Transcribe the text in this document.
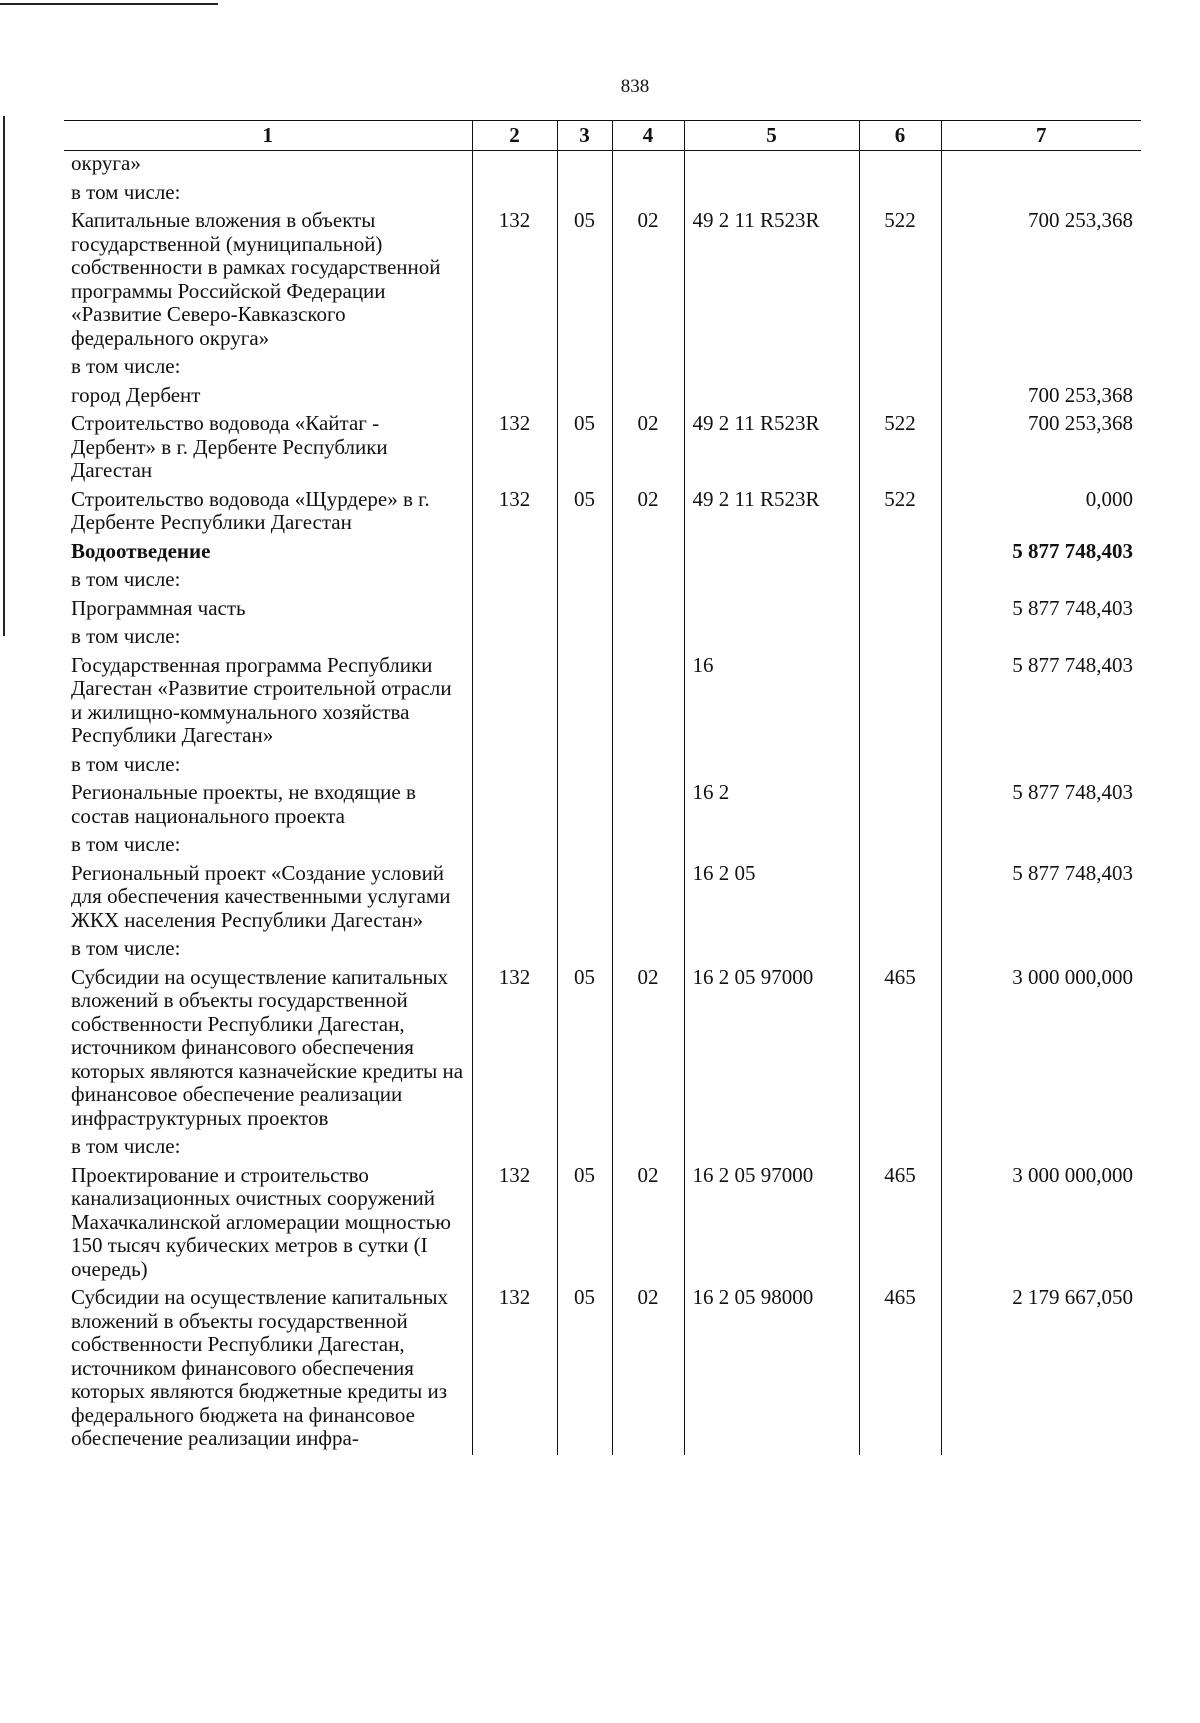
838
1	2	3	4	5	6	7
округа»						
в том числе:						
Капитальные вложения в объекты государственной (муниципальной) собственности в рамках государственной программы Российской Федерации «Развитие Северо-Кавказского федерального округа»	132	05	02	49 2 11 R523R	522	700 253,368
в том числе:						
город Дербент						700 253,368
Строительство водовода «Кайтаг - Дербент» в г. Дербенте Республики Дагестан	132	05	02	49 2 11 R523R	522	700 253,368
Строительство водовода «Щурдере» в г. Дербенте Республики Дагестан	132	05	02	49 2 11 R523R	522	0,000
Водоотведение						5 877 748,403
в том числе:						
Программная часть						5 877 748,403
в том числе:						
Государственная программа Республики Дагестан «Развитие строительной отрасли и жилищно-коммунального хозяйства Республики Дагестан»				16		5 877 748,403
в том числе:						
Региональные проекты, не входящие в состав национального проекта				16 2		5 877 748,403
в том числе:						
Региональный проект «Создание условий для обеспечения качественными услугами ЖКХ населения Республики Дагестан»				16 2 05		5 877 748,403
в том числе:						
Субсидии на осуществление капитальных вложений в объекты государственной собственности Республики Дагестан, источником финансового обеспечения которых являются казначейские кредиты на финансовое обеспечение реализации инфраструктурных проектов	132	05	02	16 2 05 97000	465	3 000 000,000
в том числе:						
Проектирование и строительство канализационных очистных сооружений Махачкалинской агломерации мощностью 150 тысяч кубических метров в сутки (I очередь)	132	05	02	16 2 05 97000	465	3 000 000,000
Субсидии на осуществление капитальных вложений в объекты государственной собственности Республики Дагестан, источником финансового обеспечения которых являются бюджетные кредиты из федерального бюджета на финансовое обеспечение реализации инфра-	132	05	02	16 2 05 98000	465	2 179 667,050
